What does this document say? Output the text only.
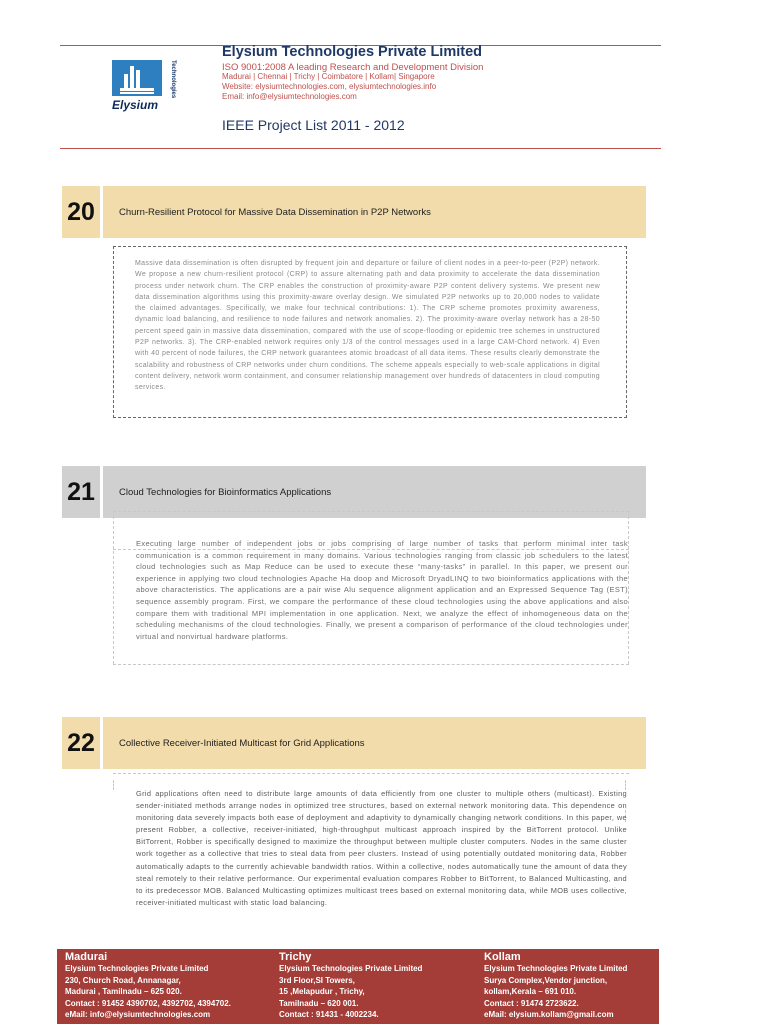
Technologies
Elysium

Elysium Technologies Private Limited

ISO 9001:2008 A leading Research and Development Division

Madurai | Chennai | Trichy | Coimbatore | Kollam| Singapore

Website: elysiumtechnologies.com, elysiumtechnologies.info

Email: info@elysiumtechnologies.com

IEEE Project List 2011 - 2012

20	Churn-Resilient Protocol for Massive Data Dissemination in P2P Networks
Massive data dissemination is often disrupted by frequent join and departure or failure of client nodes in a peer-to-peer (P2P) network. We propose a new churn-resilient protocol (CRP) to assure alternating path and data proximity to accelerate the data dissemination process under network churn. The CRP enables the construction of proximity-aware P2P content delivery systems. We present new data dissemination algorithms using this proximity-aware overlay design. We simulated P2P networks up to 20,000 nodes to validate the claimed advantages. Specifically, we make four technical contributions: 1). The CRP scheme promotes proximity awareness, dynamic load balancing, and resilience to node failures and network anomalies. 2). The proximity-aware overlay network has a 28-50 percent speed gain in massive data dissemination, compared with the use of scope-flooding or epidemic tree schemes in unstructured P2P networks. 3). The CRP-enabled network requires only 1/3 of the control messages used in a large CAM-Chord network. 4) Even with 40 percent of node failures, the CRP network guarantees atomic broadcast of all data items. These results clearly demonstrate the scalability and robustness of CRP networks under churn conditions. The scheme appeals especially to web-scale applications in digital content delivery, network worm containment, and consumer relationship management over hundreds of datacenters in cloud computing services.
21	Cloud Technologies for Bioinformatics Applications
Executing large number of independent jobs or jobs comprising of large number of tasks that perform minimal inter task communication is a common requirement in many domains. Various technologies ranging from classic job schedulers to the latest cloud technologies such as Map Reduce can be used to execute these “many-tasks” in parallel. In this paper, we present our experience in applying two cloud technologies Apache Ha doop and Microsoft DryadLINQ to two bioinformatics applications with the above characteristics. The applications are a pair wise Alu sequence alignment application and an Expressed Sequence Tag (EST) sequence assembly program. First, we compare the performance of these cloud technologies using the above applications and also compare them with traditional MPI implementation in one application. Next, we analyze the effect of inhomogeneous data on the scheduling mechanisms of the cloud technologies. Finally, we present a comparison of performance of the cloud technologies under virtual and nonvirtual hardware platforms.
22	Collective Receiver-Initiated Multicast for Grid Applications
Grid applications often need to distribute large amounts of data efficiently from one cluster to multiple others (multicast). Existing sender-initiated methods arrange nodes in optimized tree structures, based on external network monitoring data. This dependence on monitoring data severely impacts both ease of deployment and adaptivity to dynamically changing network conditions. In this paper, we present Robber, a collective, receiver-initiated, high-throughput multicast approach inspired by the BitTorrent protocol. Unlike BitTorrent, Robber is specifically designed to maximize the throughput between multiple cluster computers. Nodes in the same cluster work together as a collective that tries to steal data from peer clusters. Instead of using potentially outdated monitoring data, Robber automatically adapts to the currently achievable bandwidth ratios. Within a collective, nodes automatically tune the amount of data they steal remotely to their relative performance. Our experimental evaluation compares Robber to BitTorrent, to Balanced Multicasting, and to its predecessor MOB. Balanced Multicasting optimizes multicast trees based on external monitoring data, while MOB uses collective, receiver-initiated multicast with static load balancing.

Madurai

Elysium Technologies Private Limited

230, Church Road, Annanagar,

Madurai , Tamilnadu – 625 020.

Contact : 91452 4390702, 4392702, 4394702.

eMail: info@elysiumtechnologies.com

Trichy

Elysium Technologies Private Limited

3rd Floor,SI Towers,

15 ,Melapudur , Trichy,

Tamilnadu – 620 001.

Contact : 91431 - 4002234.

Kollam

Elysium Technologies Private Limited

Surya Complex,Vendor junction,

kollam,Kerala – 691 010.

Contact : 91474 2723622.

eMail: elysium.kollam@gmail.com
